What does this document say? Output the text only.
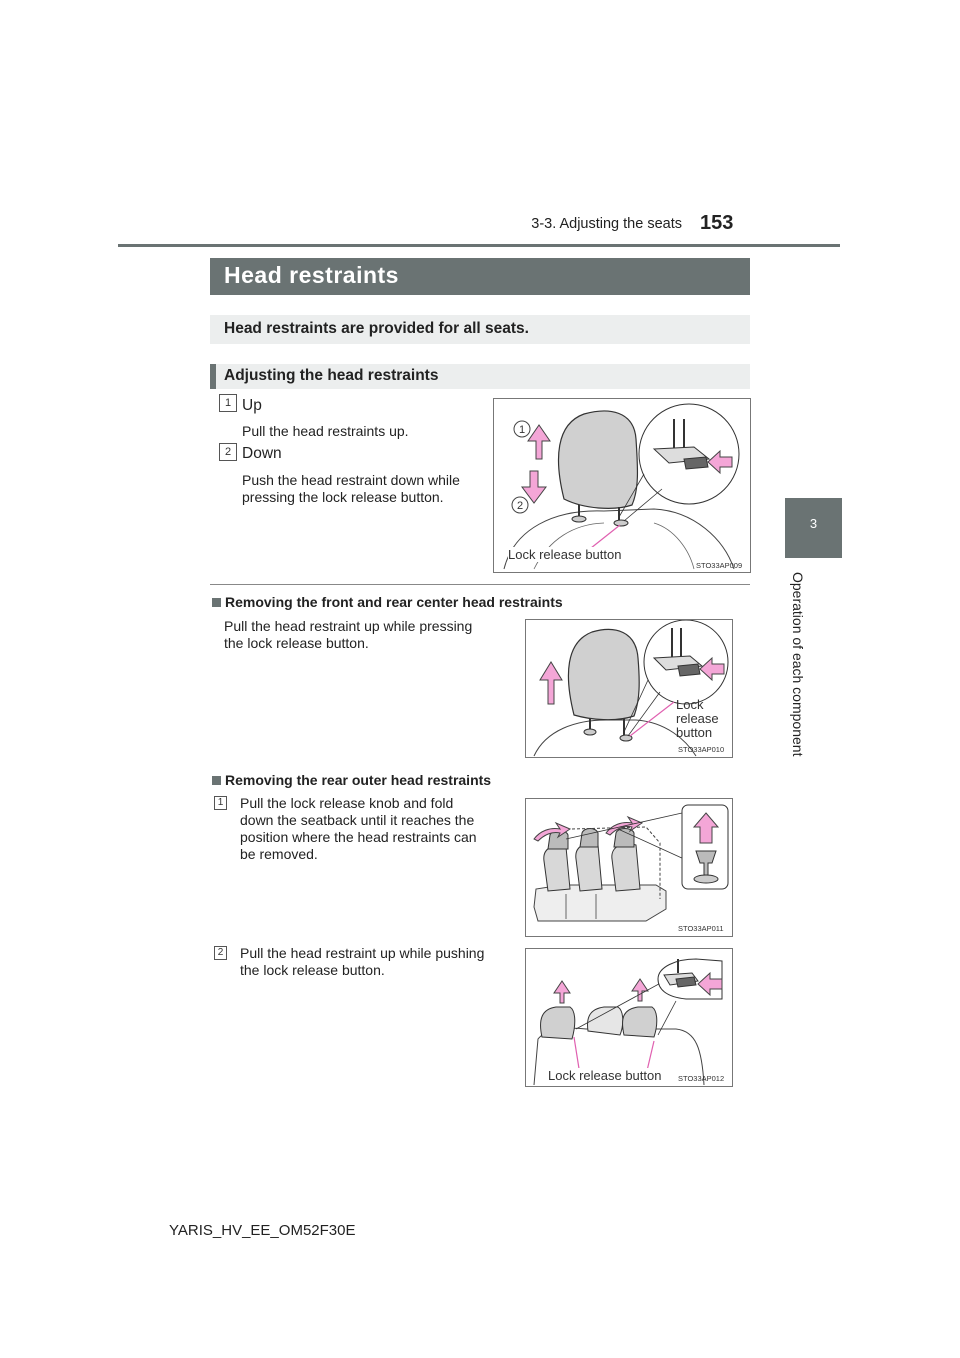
3-3. Adjusting the seats 153
3
Operation of each component
Head restraints
Head restraints are provided for all seats.
Adjusting the head restraints
1 Up
Pull the head restraints up.
2 Down
Push the head restraint down while
pressing the lock release button.
1
2
Lock release button
STO33AP009
Removing the front and rear center head restraints
Pull the head restraint up while pressing
the lock release button.
Lock
release
button
STO33AP010
Removing the rear outer head restraints
1 Pull the lock release knob and fold
down the seatback until it reaches the
position where the head restraints can
be removed.
STO33AP011
2 Pull the head restraint up while pushing
the lock release button.
Lock release button STO33AP012
YARIS_HV_EE_OM52F30E
